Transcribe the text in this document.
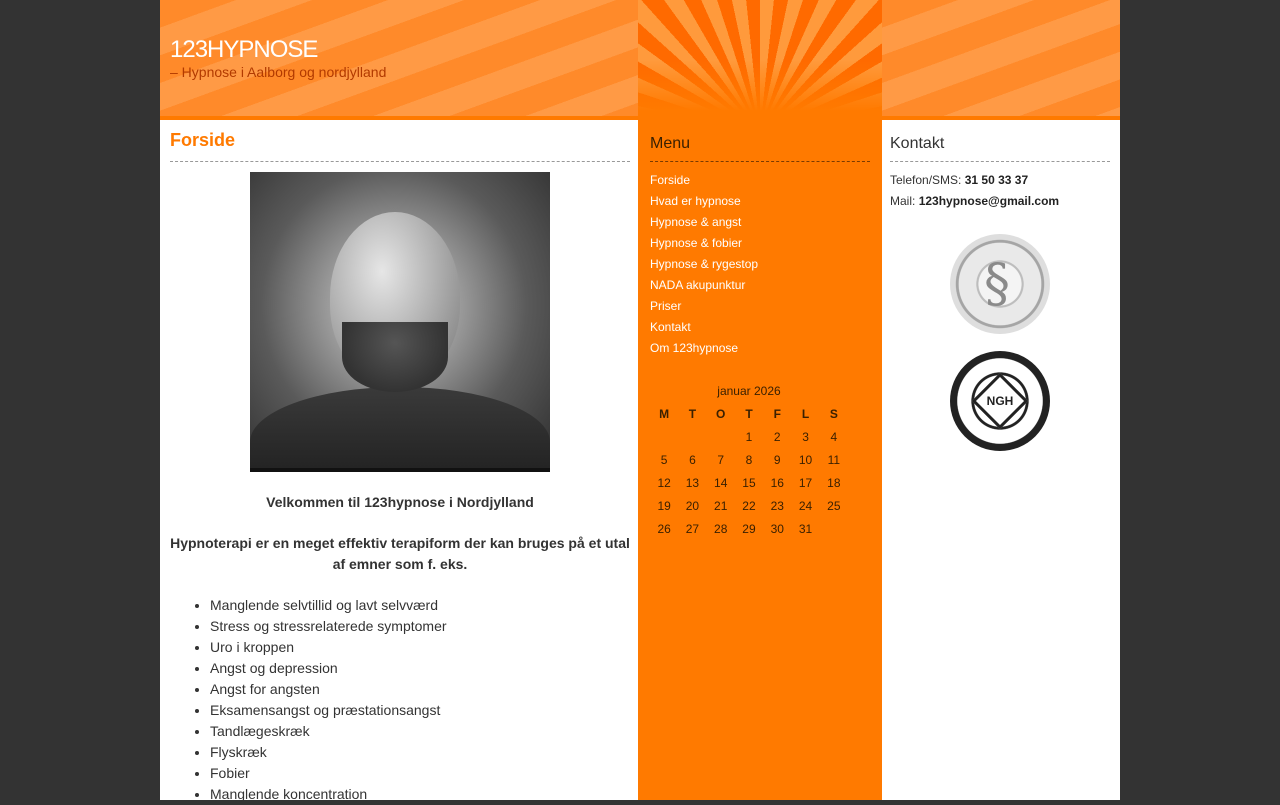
123HYPNOSE
– Hypnose i Aalborg og nordjylland
Forside

Velkommen til 123hypnose i Nordjylland

Hypnoterapi er en meget effektiv terapiform der kan bruges på et utal af emner som f. eks.

• Manglende selvtillid og lavt selvværd
• Stress og stressrelaterede symptomer
• Uro i kroppen
• Angst og depression
• Angst for angsten
• Eksamensangst og præstationsangst
• Tandlægeskræk
• Flyskræk
• Fobier
• Manglende koncentration
Menu
Forside
Hvad er hypnose
Hypnose & angst
Hypnose & fobier
Hypnose & rygestop
NADA akupunktur
Priser
Kontakt
Om 123hypnose
januar 2026
M	T	O	T	F	L	S
			1	2	3	4
5	6	7	8	9	10	11
12	13	14	15	16	17	18
19	20	21	22	23	24	25
26	27	28	29	30	31	
Kontakt

Telefon/SMS: 31 50 33 37

Mail: 123hypnose@gmail.com

§
NGH
